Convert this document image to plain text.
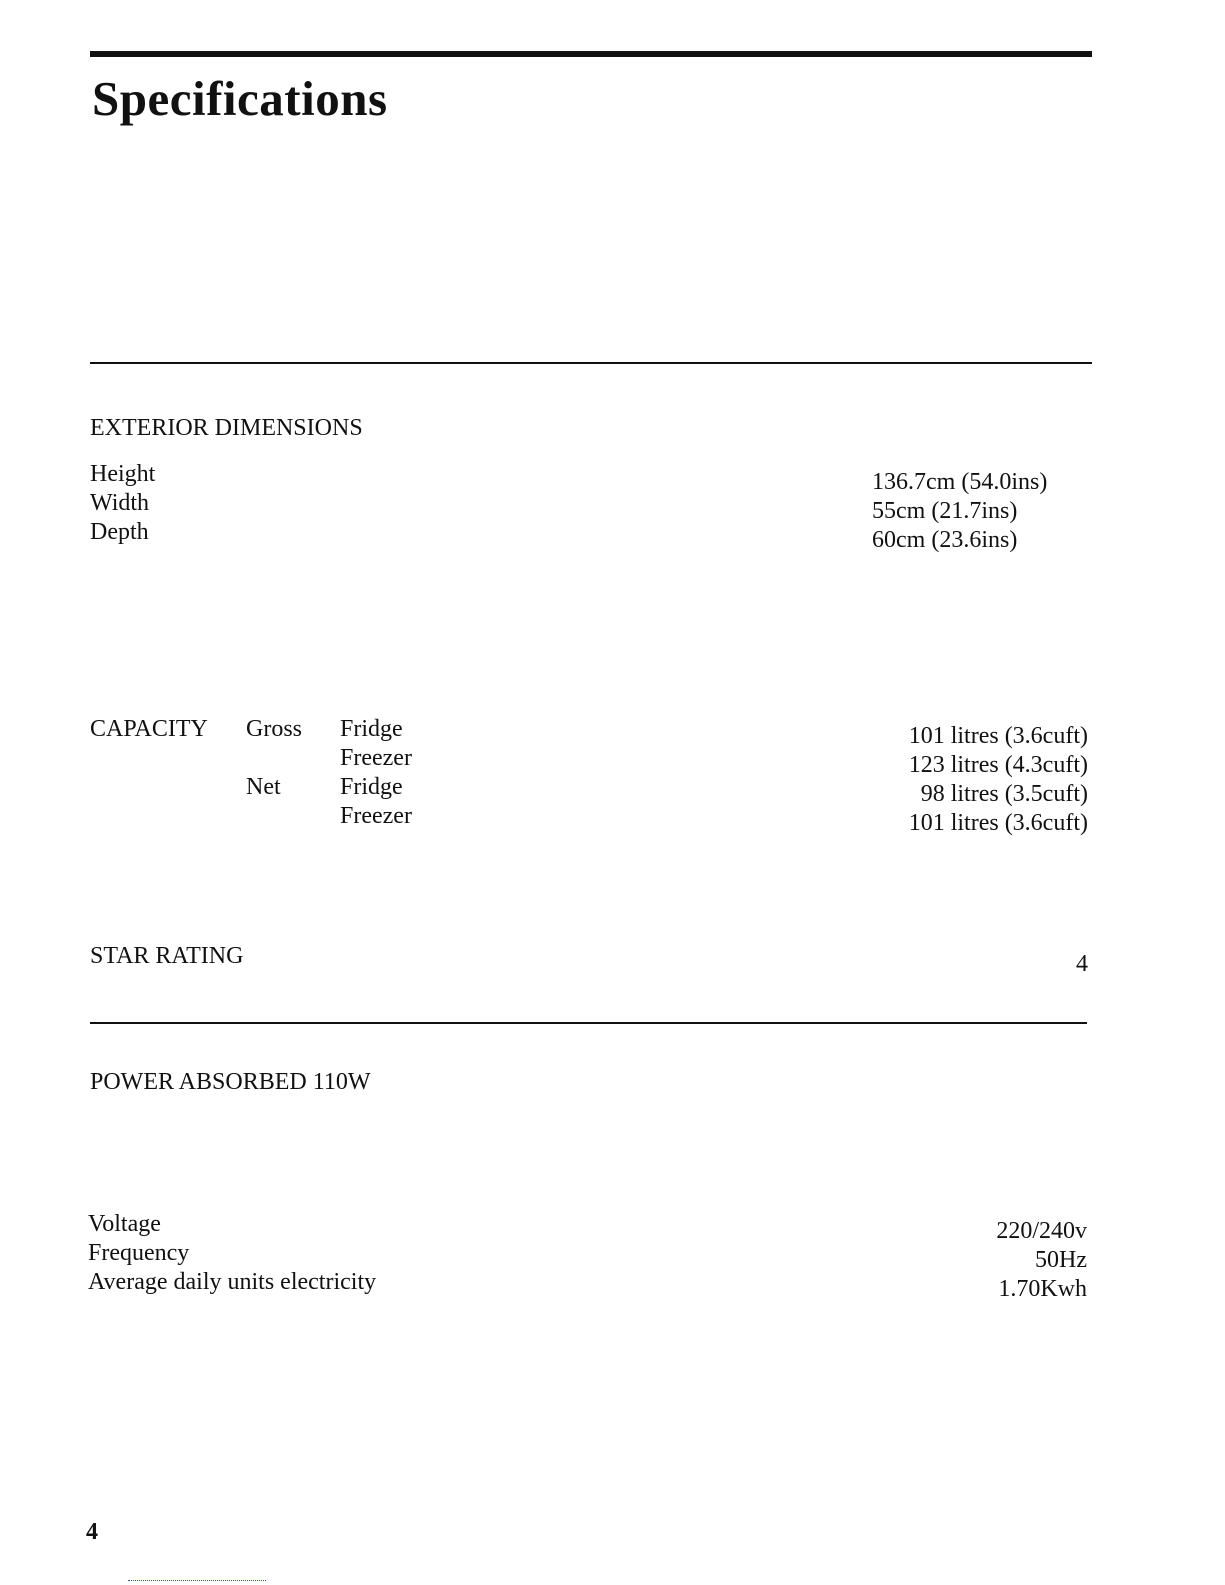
Specifications
EXTERIOR DIMENSIONS
Height
Width
Depth
136.7cm (54.0ins)
55cm (21.7ins)
60cm (23.6ins)
CAPACITY Gross
Net
Fridge
Freezer
Fridge
Freezer
101 litres (3.6cuft)
123 litres (4.3cuft)
98 litres (3.5cuft)
101 litres (3.6cuft)
STAR RATING	4
POWER ABSORBED 110W
Voltage
Frequency
Average daily units electricity
220/240v
50Hz
1.70Kwh
4
